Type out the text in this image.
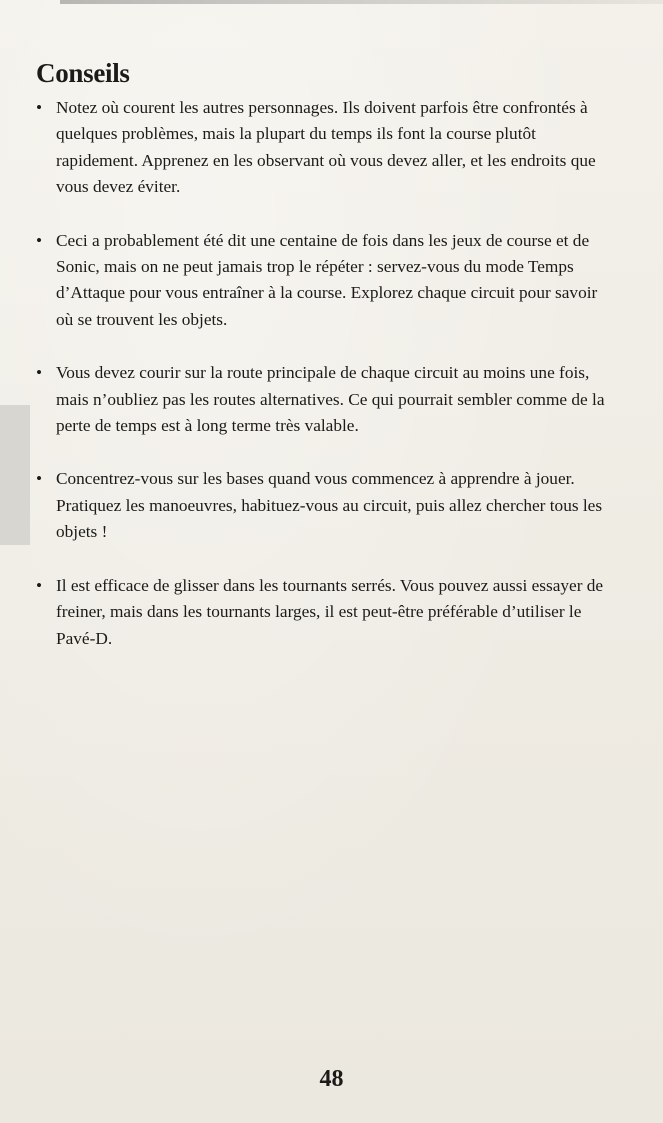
Conseils
• Notez où courent les autres personnages. Ils doivent parfois être confrontés à quelques problèmes, mais la plupart du temps ils font la course plutôt rapidement. Apprenez en les observant où vous devez aller, et les endroits que vous devez éviter.
• Ceci a probablement été dit une centaine de fois dans les jeux de course et de Sonic, mais on ne peut jamais trop le répéter : servez-vous du mode Temps d’Attaque pour vous entraîner à la course. Explorez chaque circuit pour savoir où se trouvent les objets.
• Vous devez courir sur la route principale de chaque circuit au moins une fois, mais n’oubliez pas les routes alternatives. Ce qui pourrait sembler comme de la perte de temps est à long terme très valable.
• Concentrez-vous sur les bases quand vous commencez à apprendre à jouer. Pratiquez les manoeuvres, habituez-vous au circuit, puis allez chercher tous les objets !
• Il est efficace de glisser dans les tournants serrés. Vous pouvez aussi essayer de freiner, mais dans les tournants larges, il est peut-être préférable d’utiliser le Pavé-D.
48
